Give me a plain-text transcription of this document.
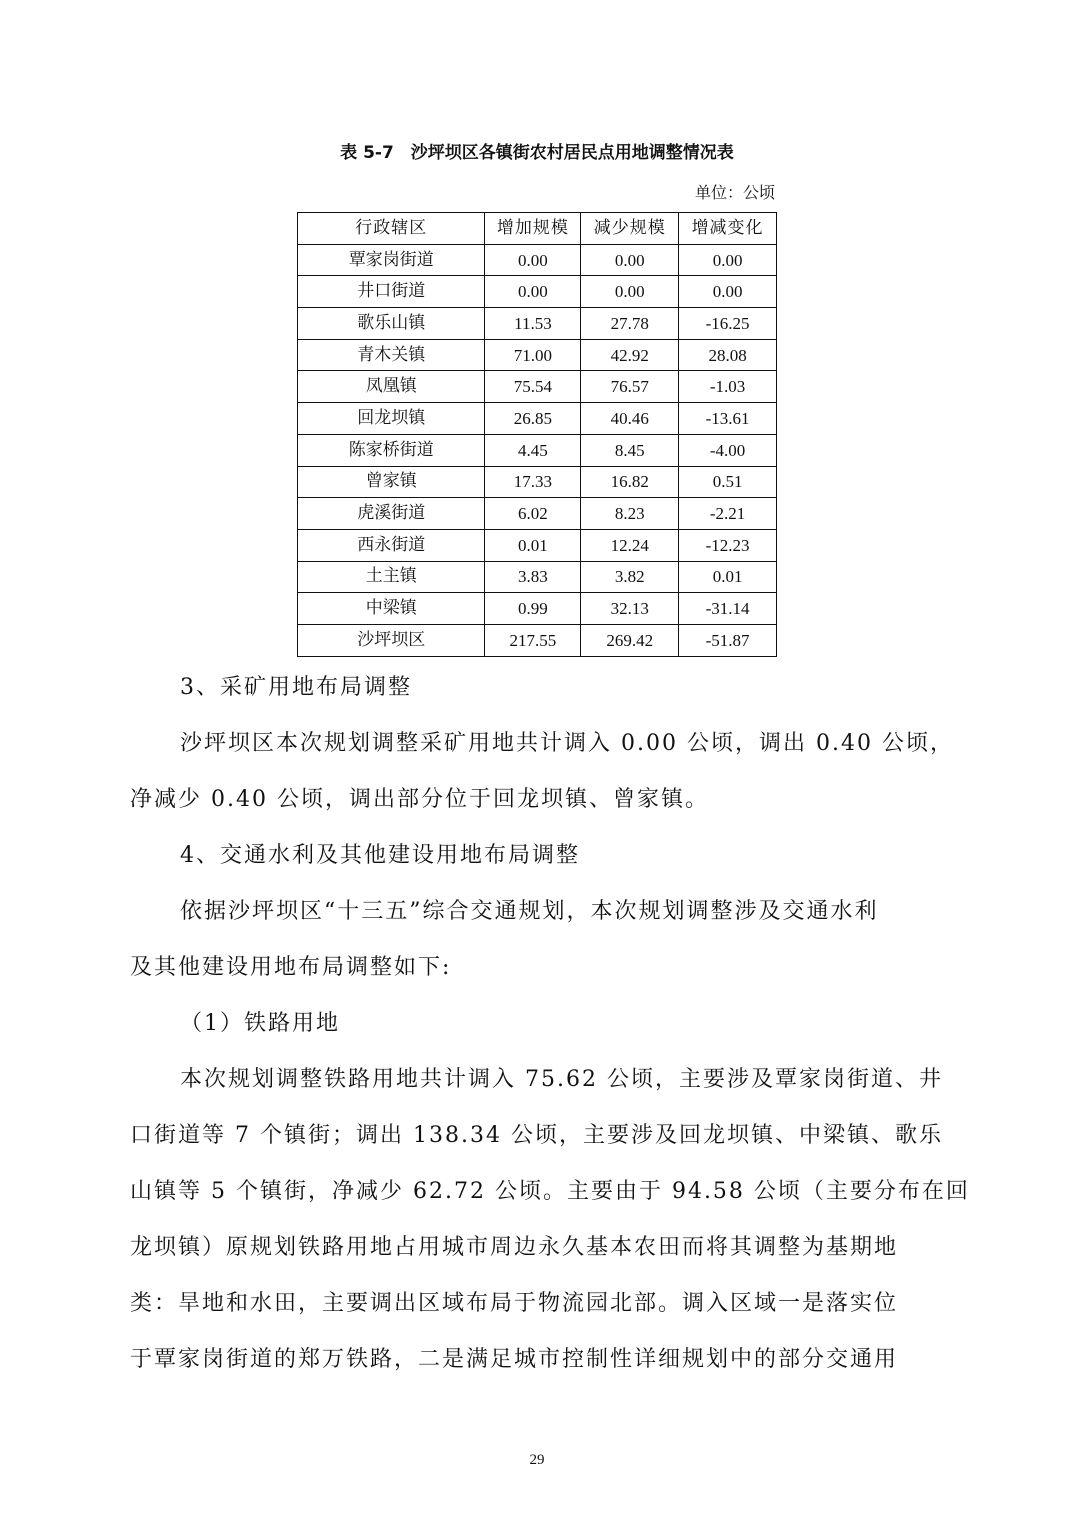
表 5-7　沙坪坝区各镇街农村居民点用地调整情况表
单位：公顷
行政辖区	增加规模	减少规模	增减变化
覃家岗街道	0.00	0.00	0.00
井口街道	0.00	0.00	0.00
歌乐山镇	11.53	27.78	-16.25
青木关镇	71.00	42.92	28.08
凤凰镇	75.54	76.57	-1.03
回龙坝镇	26.85	40.46	-13.61
陈家桥街道	4.45	8.45	-4.00
曾家镇	17.33	16.82	0.51
虎溪街道	6.02	8.23	-2.21
西永街道	0.01	12.24	-12.23
土主镇	3.83	3.82	0.01
中梁镇	0.99	32.13	-31.14
沙坪坝区	217.55	269.42	-51.87
3、采矿用地布局调整
沙坪坝区本次规划调整采矿用地共计调入 0.00 公顷，调出 0.40 公顷，
净减少 0.40 公顷，调出部分位于回龙坝镇、曾家镇。
4、交通水利及其他建设用地布局调整
依据沙坪坝区“十三五”综合交通规划，本次规划调整涉及交通水利
及其他建设用地布局调整如下:
（1）铁路用地
本次规划调整铁路用地共计调入 75.62 公顷，主要涉及覃家岗街道、井
口街道等 7 个镇街；调出 138.34 公顷，主要涉及回龙坝镇、中梁镇、歌乐
山镇等 5 个镇街，净减少 62.72 公顷。主要由于 94.58 公顷（主要分布在回
龙坝镇）原规划铁路用地占用城市周边永久基本农田而将其调整为基期地
类：旱地和水田，主要调出区域布局于物流园北部。调入区域一是落实位
于覃家岗街道的郑万铁路，二是满足城市控制性详细规划中的部分交通用
29
